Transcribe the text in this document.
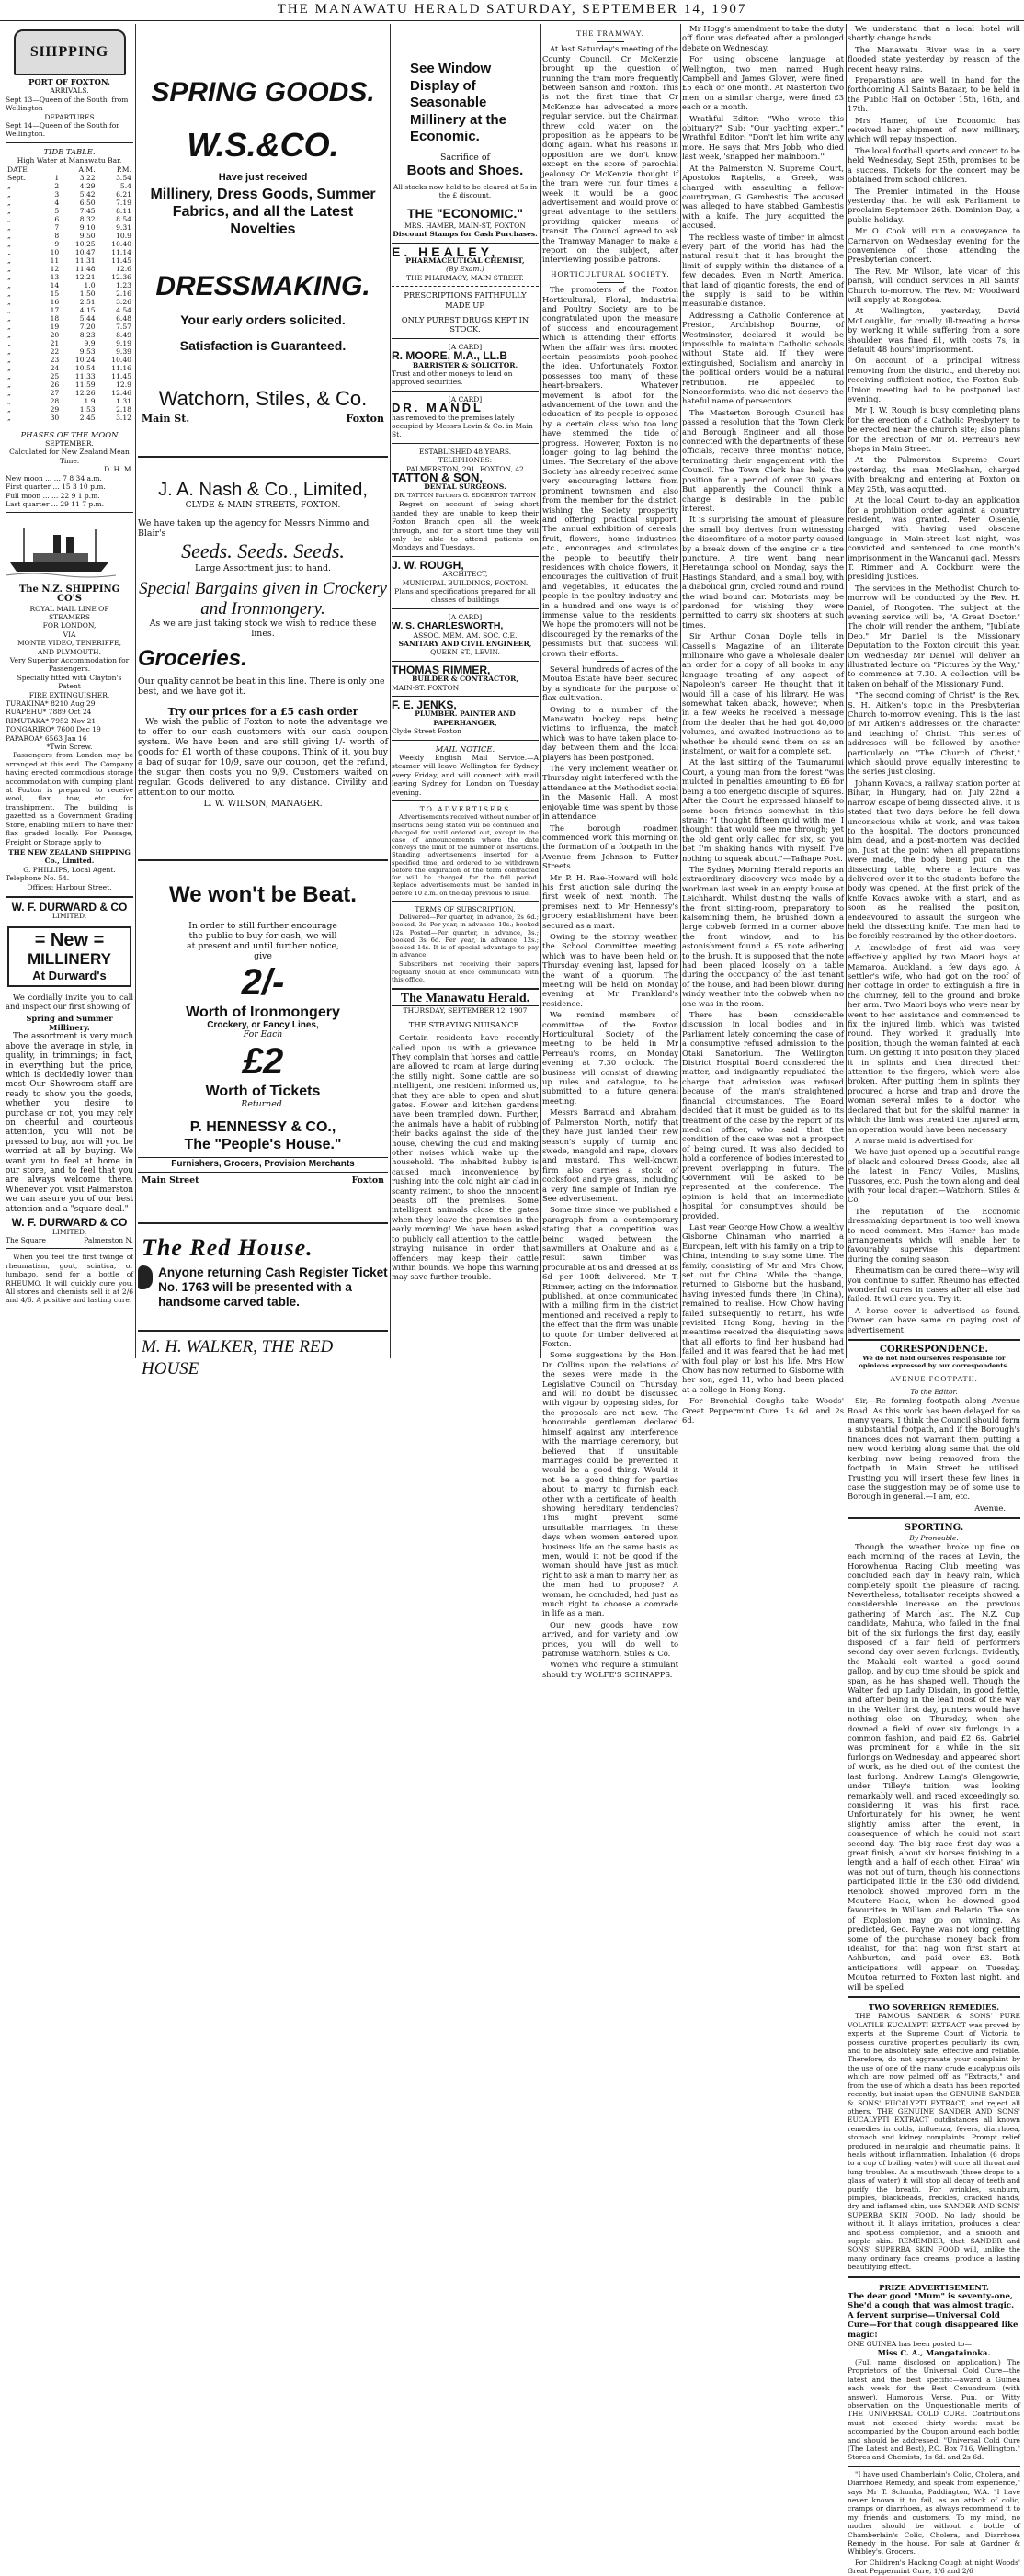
THE MANAWATU HERALD SATURDAY, SEPTEMBER 14, 1907
SHIPPING
PORT OF FOXTON.
ARRIVALS.
Sept 13—Queen of the South, from Wellington
DEPARTURES
Sept 14—Queen of the South for Wellington.
TIDE TABLE.
High Water at Manawatu Bar.
DATE		A.M.	P.M.
Sept.	1	3.22	3.54
„	2	4.29	5.4
„	3	5.42	6.21
„	4	6.50	7.19
„	5	7.45	8.11
„	6	8.32	8.54
„	7	9.10	9.31
„	8	9.50	10.9
„	9	10.25	10.40
„	10	10.47	11.14
„	11	11.31	11.45
„	12	11.48	12.6
„	13	12.21	12.36
„	14	1.0	1.23
„	15	1.50	2.16
„	16	2.51	3.26
„	17	4.15	4.54
„	18	5.44	6.48
„	19	7.20	7.57
„	20	8.23	8.49
„	21	9.9	9.19
„	22	9.53	9.39
„	23	10.24	10.40
„	24	10.54	11.16
„	25	11.33	11.45
„	26	11.59	12.9
„	27	12.26	12.46
„	28	1.9	1.31
„	29	1.53	2.18
„	30	2.45	3.12
PHASES OF THE MOON
SEPTEMBER.
Calculated for New Zealand Mean Time.
D. H. M.
New moon ... ... 7 8 34 a.m.
First quarter ... 15 3 10 p.m.
Full moon ... ... 22 9 1 p.m.
Last quarter ... 29 11 7 p.m.
The N.Z. SHIPPING CO'S
ROYAL MAIL LINE OF
STEAMERS
FOR LONDON,
VIA
MONTE VIDEO, TENERIFFE,
AND PLYMOUTH.
Very Superior Accommodation for Passengers.
Specially fitted with Clayton's Patent
FIRE EXTINGUISHER.
TURAKINA* 8210 Aug 29
RUAPEHU* 7889 Oct 24
RIMUTAKA* 7952 Nov 21
TONGARIRO* 7600 Dec 19
PAPAROA* 6563 Jan 16
*Twin Screw.
Passengers from London may be arranged at this end. The Company having erected commodious storage accommodation with dumping plant at Foxton is prepared to receive wool, flax, tow, etc., for transhipment. The building is gazetted as a Government Grading Store, enabling millers to have their flax graded locally. For Passage, Freight or Storage apply to
THE NEW ZEALAND SHIPPING Co., Limited.
G. PHILLIPS, Local Agent.
Telephone No. 54.
Offices: Harbour Street.
W. F. DURWARD & CO
LIMITED.
= New =
MILLINERY
At Durward's
We cordially invite you to call and inspect our first showing of
Spring and Summer Millinery.
The assortment is very much above the average in style, in quality, in trimmings; in fact, in everything but the price, which is decidedly lower than most Our Showroom staff are ready to show you the goods, whether you desire to purchase or not, you may rely on cheerful and courteous attention, you will not be pressed to buy, nor will you be worried at all by buying. We want you to feel at home in our store, and to feel that you are always welcome there. Whenever you visit Palmerston we can assure you of our best attention and a "square deal."
W. F. DURWARD & CO
LIMITED.
The Square	Palmerston N.
When you feel the first twinge of rheumatism, gout, sciatica, or lumbago, send for a bottle of RHEUMO. It will quickly cure you. All stores and chemists sell it at 2/6 and 4/6. A positive and lasting cure.
SPRING GOODS.
W.S.&CO.
Have just received
Millinery, Dress Goods, Summer Fabrics, and all the Latest Novelties
DRESSMAKING.
Your early orders solicited.
Satisfaction is Guaranteed.
Watchorn, Stiles, & Co.
Main St.	Foxton
J. A. Nash & Co., Limited,
CLYDE & MAIN STREETS, FOXTON.
We have taken up the agency for Messrs Nimmo and Blair's
Seeds. Seeds. Seeds.
Large Assortment just to hand.
Special Bargains given in Crockery and Ironmongery.
As we are just taking stock we wish to reduce these lines.
Groceries.
Our quality cannot be beat in this line. There is only one best, and we have got it.
Try our prices for a £5 cash order
We wish the public of Foxton to note the advantage we to offer to our cash customers with our cash coupon system. We have been and are still giving 1/- worth of goods for £1 worth of these coupons. Think of it, you buy a bag of sugar for 10/9, save our coupon, get the refund, the sugar then costs you no 9/9. Customers waited on regular. Goods delivered to any distance. Civility and attention to our motto.
L. W. WILSON, MANAGER.
We won't be Beat.
In order to still further encourage the public to buy for cash, we will at present and until further notice, give
2/-
Worth of Ironmongery
Crockery, or Fancy Lines,
For Each
£2
Worth of Tickets
Returned.
P. HENNESSY & CO.,
The "People's House."
Furnishers, Grocers, Provision Merchants
Main Street	Foxton
The Red House.
Anyone returning Cash Register Ticket No. 1763 will be presented with a handsome carved table.
M. H. WALKER, THE RED HOUSE
See Window Display of Seasonable Millinery at the Economic.
Sacrifice of
Boots and Shoes.
All stocks now held to be cleared at 5s in the £ discount.
THE "ECONOMIC."
MRS. HAMER, MAIN-ST, FOXTON
Discount Stamps for Cash Purchases.
E. HEALEY,
PHARMACEUTICAL CHEMIST,
(By Exam.)
THE PHARMACY, MAIN STREET.
PRESCRIPTIONS FAITHFULLY MADE UP.
ONLY PUREST DRUGS KEPT IN STOCK.
[A CARD]
R. MOORE, M.A., LL.B
BARRISTER & SOLICITOR.
Trust and other moneys to lend on approved securities.
[A CARD]
DR. MANDL
has removed to the premises lately occupied by Messrs Levin & Co. in Main St.
ESTABLISHED 48 YEARS.
TELEPHONES:
PALMERSTON, 291. FOXTON, 42
TATTON & SON,
DENTAL SURGEONS.
DR. TATTON Partners G. EDGERTON TATTON
Regret on account of being short handed they are unable to keep their Foxton Branch open all the week through, and for a short time they will only be able to attend patients on Mondays and Tuesdays.
J. W. ROUGH,
ARCHITECT,
MUNICIPAL BUILDINGS, FOXTON.
Plans and specifications prepared for all classes of buildings
[A CARD]
W. S. CHARLESWORTH,
ASSOC. MEM. AM. SOC. C.E.
SANITARY AND CIVIL ENGINEER,
QUEEN ST., LEVIN.
THOMAS RIMMER,
BUILDER & CONTRACTOR,
MAIN-ST. FOXTON
F. E. JENKS,
PLUMBER. PAINTER AND PAPERHANGER,
Clyde Street Foxton
MAIL NOTICE.
Weekly English Mail Service.—A steamer will leave Wellington for Sydney every Friday, and will connect with mail leaving Sydney for London on Tuesday evening.
TO ADVERTISERS
Advertisements received without number of insertions being stated will be continued and charged for until ordered out, except in the case of announcements where the date conveys the limit of the number of insertions. Standing advertisements inserted for a specified time, and ordered to be withdrawn before the expiration of the term contracted for will be charged for the full period. Replace advertisements must be handed in before 10 a.m. on the day previous to issue.
TERMS OF SUBSCRIPTION.
Delivered—Per quarter, in advance, 2s 6d.; booked, 3s. Per year, in advance, 10s.; booked 12s. Posted—Per quarter, in advance, 3s.; booked 3s 6d. Per year, in advance, 12s.; booked 14s. It is of special advantage to pay in advance.
Subscribers not receiving their papers regularly should at once communicate with this office.
The Manawatu Herald.
THURSDAY, SEPTEMBER 12, 1907
THE STRAYING NUISANCE.
Certain residents have recently called upon us with a grievance. They complain that horses and cattle are allowed to roam at large during the stilly night. Some cattle are so intelligent, one resident informed us, that they are able to open and shut gates. Flower and kitchen gardens have been trampled down. Further, the animals have a habit of rubbing their backs against the side of the house, chewing the cud and making other noises which wake up the household. The inhabited hubby is caused much inconvenience by rushing into the cold night air clad in scanty raiment, to shoo the innocent beasts off the premises. Some intelligent animals close the gates when they leave the premises in the early morning! We have been asked to publicly call attention to the cattle straying nuisance in order that offenders may keep their cattle within bounds. We hope this warning may save further trouble.
THE TRAMWAY.
At last Saturday's meeting of the County Council, Cr McKenzie brought up the question of running the tram more frequently between Sanson and Foxton. This is not the first time that Cr McKenzie has advocated a more regular service, but the Chairman threw cold water on the proposition as he appears to be doing again. What his reasons in opposition are we don't know, except on the score of parochial jealousy. Cr McKenzie thought if the tram were run four times a week it would be a good advertisement and would prove of great advantage to the settlers, providing quicker means of transit. The Council agreed to ask the Tramway Manager to make a report on the subject, after interviewing possible patrons.
HORTICULTURAL SOCIETY.
The promoters of the Foxton Horticultural, Floral, Industrial and Poultry Society are to be congratulated upon the measure of success and encouragement which is attending their efforts. When the affair was first mooted certain pessimists pooh-poohed the idea. Unfortunately Foxton possesses too many of these heart-breakers. Whatever movement is afoot for the advancement of the town and the education of its people is opposed by a certain class who too long have stemmed the tide of progress. However, Foxton is no longer going to lag behind the times. The Secretary of the above Society has already received some very encouraging letters from prominent townsmen and also from the member for the district, wishing the Society prosperity and offering practical support. The annual exhibition of cereals, fruit, flowers, home industries, etc., encourages and stimulates the people to beautify their residences with choice flowers, it encourages the cultivation of fruit and vegetables, it educates the people in the poultry industry and in a hundred and one ways is of immense value to the residents. We hope the promoters will not be discouraged by the remarks of the pessimists but that success will crown their efforts.
Several hundreds of acres of the Moutoa Estate have been secured by a syndicate for the purpose of flax cultivation.
Owing to a number of the Manawatu hockey reps. being victims to influenza, the match which was to have taken place to-day between them and the local players has been postponed.
The very inclement weather on Thursday night interfered with the attendance at the Methodist social in the Masonic Hall. A most enjoyable time was spent by those in attendance.
The borough roadmen commenced work this morning on the formation of a footpath in the Avenue from Johnson to Futter Streets.
Mr P. H. Rae-Howard will hold his first auction sale during the first week of next month. The premises next to Mr Hennessy's grocery establishment have been secured as a mart.
Owing to the stormy weather, the School Committee meeting, which was to have been held on Thursday evening last, lapsed for the want of a quorum. The meeting will be held on Monday evening at Mr Frankland's residence.
We remind members of committee of the Foxton Horticultural Society of the meeting to be held in Mr Perreau's rooms, on Monday evening at 7.30 o'clock. The business will consist of drawing up rules and catalogue, to be submitted to a future general meeting.
Messrs Barraud and Abraham, of Palmerston North, notify that they have just landed their new season's supply of turnip and swede, mangold and rape, clovers and mustard. This well-known firm also carries a stock of cocksfoot and rye grass, including a very fine sample of Indian rye. See advertisement.
Some time since we published a paragraph from a contemporary stating that a competition was being waged between the sawmillers at Ohakune and as a result sawn timber was procurable at 6s and dressed at 8s 6d per 100ft delivered. Mr T. Rimmer, acting on the information published, at once communicated with a milling firm in the district mentioned and received a reply to the effect that the firm was unable to quote for timber delivered at Foxton.
Some suggestions by the Hon. Dr Collins upon the relations of the sexes were made in the Legislative Council on Thursday, and will no doubt be discussed with vigour by opposing sides, for the proposals are not new. The honourable gentleman declared himself against any interference with the marriage ceremony, but believed that if unsuitable marriages could be prevented it would be a good thing. Would it not be a good thing for parties about to marry to furnish each other with a certificate of health, showing hereditary tendencies? This might prevent some unsuitable marriages. In these days when women entered upon business life on the same basis as men, would it not be good if the woman should have just as much right to ask a man to marry her, as the man had to propose? A woman, he concluded, had just as much right to choose a comrade in life as a man.
Our new goods have now arrived, and for variety and low prices, you will do well to patronise Watchorn, Stiles & Co.
Women who require a stimulant should try WOLFE'S SCHNAPPS.
Mr Hogg's amendment to take the duty off flour was defeated after a prolonged debate on Wednesday.
For using obscene language at Wellington, two men named Hugh Campbell and James Glover, were fined £5 each or one month. At Masterton two men, on a similar charge, were fined £3 each or a month.
Wrathful Editor: "Who wrote this obituary?" Sub: "Our yachting expert." Wrathful Editor: "Don't let him write any more. He says that Mrs Jobb, who died last week, 'snapped her mainboom.'"
At the Palmerston N. Supreme Court, Apostolos Raptelis, a Greek, was charged with assaulting a fellow-countryman, G. Gambestis. The accused was alleged to have stabbed Gambestis with a knife. The jury acquitted the accused.
The reckless waste of timber in almost every part of the world has had the natural result that it has brought the limit of supply within the distance of a few decades. Even in North America, that land of gigantic forests, the end of the supply is said to be within measurable distance.
Addressing a Catholic Conference at Preston, Archbishop Bourne, of Westminster, declared it would be impossible to maintain Catholic schools without State aid. If they were extinguished, Socialism and anarchy in the political orders would be a natural retribution. He appealed to Nonconformists, who did not deserve the hateful name of persecutors.
The Masterton Borough Council has passed a resolution that the Town Clerk and Borough Engineer and all those connected with the departments of these officials, receive three months' notice, terminating their engagement with the Council. The Town Clerk has held the position for a period of over 30 years. But apparently the Council think a change is desirable in the public interest.
It is surprising the amount of pleasure the small boy derives from witnessing the discomfiture of a motor party caused by a break down of the engine or a tire puncture. A tire went bang near Heretaunga school on Monday, says the Hastings Standard, and a small boy, with a diabolical grin, cycled round and round the wind bound car. Motorists may be pardoned for wishing they were permitted to carry six shooters at such times.
Sir Arthur Conan Doyle tells in Cassell's Magazine of an illiterate millionaire who gave a wholesale dealer an order for a copy of all books in any language treating of any aspect of Napoleon's career. He thought that it would fill a case of his library. He was somewhat taken aback, however, when in a few weeks he received a message from the dealer that he had got 40,000 volumes, and awaited instructions as to whether he should send them on as an instalment, or wait for a complete set.
At the last sitting of the Taumarunui Court, a young man from the forest "was mulcted in penalties amounting to £6 for being a too energetic disciple of Squires. After the Court he expressed himself to some boon friends somewhat in this strain: "I thought fifteen quid with me; I thought that would see me through; yet the old gent only called for six, so you bet I'm shaking hands with myself. I've nothing to squeak about."—Taihape Post.
The Sydney Morning Herald reports an extraordinary discovery was made by a workman last week in an empty house at Leichhardt. Whilst dusting the walls of the front sitting-room, preparatory to kalsomining them, he brushed down a large cobweb formed in a corner above the front window, and to his astonishment found a £5 note adhering to the brush. It is supposed that the note had been placed loosely on a table during the occupancy of the last tenant of the house, and had been blown during windy weather into the cobweb when no one was in the room.
There has been considerable discussion in local bodies and in Parliament lately concerning the case of a consumptive refused admission to the Otaki Sanatorium. The Wellington District Hospital Board considered the matter, and indignantly repudiated the charge that admission was refused because of the man's straightened financial circumstances. The Board decided that it must be guided as to its treatment of the case by the report of its medical officer, who said that the condition of the case was not a prospect of being cured. It was also decided to hold a conference of bodies interested to prevent overlapping in future. The Government will be asked to be represented at the conference. The opinion is held that an intermediate hospital for consumptives should be provided.
Last year George How Chow, a wealthy Gisborne Chinaman who married a European, left with his family on a trip to China, intending to stay some time. The family, consisting of Mr and Mrs Chow, set out for China. While the change, returned to Gisborne but the husband, having invested funds there (in China), remained to realise. How Chow having failed subsequently to return, his wife revisited Hong Kong, having in the meantime received the disquieting news that all efforts to find her husband had failed and it was feared that he had met with foul play or lost his life. Mrs How Chow has now returned to Gisborne with her son, aged 11, who had been placed at a college in Hong Kong.
For Bronchial Coughs take Woods' Great Peppermint Cure. 1s 6d. and 2s 6d.
We understand that a local hotel will shortly change hands.
The Manawatu River was in a very flooded state yesterday by reason of the recent heavy rains.
Preparations are well in hand for the forthcoming All Saints Bazaar, to be held in the Public Hall on October 15th, 16th, and 17th.
Mrs Hamer, of the Economic, has received her shipment of new millinery, which will repay inspection.
The local football sports and concert to be held Wednesday, Sept 25th, promises to be a success. Tickets for the concert may be obtained from school children.
The Premier intimated in the House yesterday that he will ask Parliament to proclaim September 26th, Dominion Day, a public holiday.
Mr O. Cook will run a conveyance to Carnarvon on Wednesday evening for the convenience of those attending the Presbyterian concert.
The Rev. Mr Wilson, late vicar of this parish, will conduct services in All Saints' Church to-morrow. The Rev. Mr Woodward will supply at Rongotea.
At Wellington, yesterday, David McLoughlin, for cruelly ill-treating a horse by working it while suffering from a sore shoulder, was fined £1, with costs 7s, in default 48 hours' imprisonment.
On account of a principal witness removing from the district, and thereby not receiving sufficient notice, the Foxton Sub-Union meeting had to be postponed last evening.
Mr J. W. Rough is busy completing plans for the erection of a Catholic Presbytery to be erected near the church site; also plans for the erection of Mr M. Perreau's new shops in Main Street.
At the Palmerston Supreme Court yesterday, the man McGlashan, charged with breaking and entering at Foxton on May 25th, was acquitted.
At the local Court to-day an application for a prohibition order against a country resident, was granted. Peter Olsenie, charged with having used obscene language in Main-street last night, was convicted and sentenced to one month's imprisonment in the Wanganui gaol. Messrs T. Rimmer and A. Cockburn were the presiding justices.
The services in the Methodist Church to-morrow will be conducted by the Rev. H. Daniel, of Rongotea. The subject at the evening service will be, "A Great Doctor." The choir will render the anthem, "Jubilate Deo." Mr Daniel is the Missionary Deputation to the Foxton circuit this year. On Wednesday Mr Daniel will deliver an illustrated lecture on "Pictures by the Way," to commence at 7.30. A collection will be taken on behalf of the Missionary Fund.
"The second coming of Christ" is the Rev. S. H. Aitken's topic in the Presbyterian Church to-morrow evening. This is the last of Mr Aitken's addresses on the character and teaching of Christ. This series of addresses will be followed by another particularly on "The Church of Christ," which should prove equally interesting to the series just closing.
Johann Kovacs, a railway station porter at Bihar, in Hungary, had on July 22nd a narrow escape of being dissected alive. It is stated that two days before he fell down unconscious while at work, and was taken to the hospital. The doctors pronounced him dead, and a post-mortem was decided on. Just at the point when all preparations were made, the body being put on the dissecting table, where a lecture was delivered over it to the students before the body was opened. At the first prick of the knife Kovacs awoke with a start, and as soon as he realised the position, endeavoured to assault the surgeon who held the dissecting knife. The man had to be forcibly restrained by the other doctors.
A knowledge of first aid was very effectively applied by two Maori boys at Mamaroa, Auckland, a few days ago. A settler's wife, who had got on the roof of her cottage in order to extinguish a fire in the chimney, fell to the ground and broke her arm. Two Maori boys who were near by went to her assistance and commenced to fix the injured limb, which was twisted round. They worked it gradually into position, though the woman fainted at each turn. On getting it into position they placed it in splints and then directed their attention to the fingers, which were also broken. After putting them in splints they procured a horse and trap and drove the woman several miles to a doctor, who declared that but for the skilful manner in which the limb was treated the injured arm, an operation would have been necessary.
A nurse maid is advertised for.
We have just opened up a beautiful range of black and coloured Dress Goods, also all the latest in Fancy Voiles, Muslins, Tussores, etc. Push the town along and deal with your local draper.—Watchorn, Stiles & Co.
The reputation of the Economic dressmaking department is too well known to need comment. Mrs Hamer has made arrangements which will enable her to favourably supervise this department during the coming season.
Rheumatism can be cured there—why will you continue to suffer. Rheumo has effected wonderful cures in cases after all else had failed. It will cure you. Try it.
A horse cover is advertised as found. Owner can have same on paying cost of advertisement.
CORRESPONDENCE.
We do not hold ourselves responsible for opinions expressed by our correspondents.
AVENUE FOOTPATH.
To the Editor.
Sir,—Re forming footpath along Avenue Road. As this work has been delayed for so many years, I think the Council should form a substantial footpath, and if the Borough's finances does not warrant them putting a new wood kerbing along same that the old kerbing now being removed from the footpath in Main Street be utilised. Trusting you will insert these few lines in case the suggestion may be of some use to Borough in general.—I am, etc.
Avenue.
SPORTING.
By Pronouble.
Though the weather broke up fine on each morning of the races at Levin, the Horowhenua Racing Club meeting was concluded each day in heavy rain, which completely spoilt the pleasure of racing. Nevertheless, totalisator receipts showed a considerable increase on the previous gathering of March last. The N.Z. Cup candidate, Mahuta, who failed in the final bit of the six furlongs the first day, easily disposed of a fair field of performers second day over seven furlongs. Evidently, the Mahaki colt wanted a good sound gallop, and by cup time should be spick and span, as he has shaped well. Though the Walter fed up Lady Disdain, in good fettle, and after being in the lead most of the way in the Welter first day, punters would have nothing else on Thursday, when she downed a field of over six furlongs in a common fashion, and paid £2 6s. Gabriel was prominent for a while in the six furlongs on Wednesday, and appeared short of work, as he died out of the contest the last furlong. Andrew Laing's Glengowrie, under Tilley's tuition, was looking remarkably well, and raced exceedingly so, considering it was his first race. Unfortunately for his owner, he went slightly amiss after the event, in consequence of which he could not start second day. The big race first day was a great finish, about six horses finishing in a length and a half of each other. Hiraa' win was not out of turn, though his connections participated little in the £30 odd dividend. Renolock showed improved form in the Moutere Hack, when he downed good favourites in William and Belario. The son of Explosion may go on winning. As predicted, Geo. Payne was not long getting some of the purchase money back from Idealist, for that nag won first start at Ashburton, and paid over £3. Both anticipations will appear on Tuesday. Moutoa returned to Foxton last night, and will be spelled.
TWO SOVEREIGN REMEDIES.
THE FAMOUS SANDER & SONS' PURE VOLATILE EUCALYPTI EXTRACT was proved by experts at the Supreme Court of Victoria to possess curative properties peculiarly its own, and to be absolutely safe, effective and reliable. Therefore, do not aggravate your complaint by the use of one of the many crude eucalyptus oils which are now palmed off as "Extracts," and from the use of which a death has been reported recently, but insist upon the GENUINE SANDER & SONS' EUCALYPTI EXTRACT, and reject all others. THE GENUINE SANDER AND SONS' EUCALYPTI EXTRACT outdistances all known remedies in colds, influenza, fevers, diarrhoea, stomach and kidney complaints. Prompt relief produced in neuralgic and rheumatic pains. It heals without inflammation. Inhalation (6 drops to a cup of boiling water) will cure all throat and lung troubles. As a mouthwash (three drops to a glass of water) it will stop all decay of teeth and purify the breath. For wrinkles, sunburn, pimples, blackheads, freckles, cracked hands, dry and inflamed skin, use SANDER AND SONS' SUPERBA SKIN FOOD. No lady should be without it. It allays irritation, produces a clear and spotless complexion, and a smooth and supple skin. REMEMBER, that SANDER and SONS' SUPERBA SKIN FOOD will, unlike the many ordinary face creams, produce a lasting beautifying effect.
PRIZE ADVERTISEMENT.
The dear good "Mum" is seventy-one, She'd a cough that was almost tragic. A fervent surprise—Universal Cold Cure—For that cough disappeared like magic!
ONE GUINEA has been posted to—
Miss C. A., Mangatainoka.
(Full name disclosed on application.) The Proprietors of the Universal Cold Cure—the latest and the best specific—award a Guinea each week for the Best Conundrum (with answer), Humorous Verse, Pun, or Witty observation on the Unquestionable merits of THE UNIVERSAL COLD CURE. Contributions must not exceed thirty words: must be accompanied by the Coupon around each bottle; and should be addressed: "Universal Cold Cure (The Latest and Best), P.O. Box 716, Wellington." Stores and Chemists, 1s 6d. and 2s 6d.
"I have used Chamberlain's Colic, Cholera, and Diarrhoea Remedy, and speak from experience," says Mr T. Schunka, Paddington, W.A. "I have never known it to fail, as an attack of colic, cramps or diarrhoea, as always recommend it to my friends and customers. To my mind, no mother should be without a bottle of Chamberlain's Colic, Cholera, and Diarrhoea Remedy in the house. For sale at Gardner & Whibley's, Grocers.
For Children's Hacking Cough at night Woods' Great Peppermint Cure, 1/6 and 2/6
